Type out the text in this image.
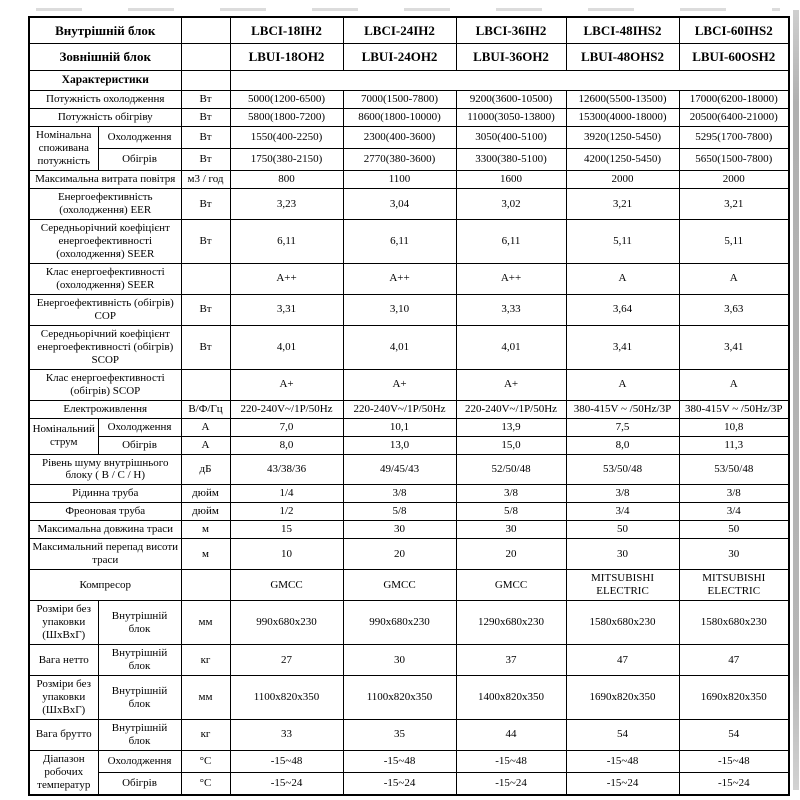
Внутрішній блок			LBCI-18IH2	LBCI-24IH2	LBCI-36IH2	LBCI-48IHS2	LBCI-60IHS2
Зовнішній блок			LBUI-18OH2	LBUI-24OH2	LBUI-36OH2	LBUI-48OHS2	LBUI-60OSH2
Характеристики							
Потужність охолодження		Вт	5000(1200-6500)	7000(1500-7800)	9200(3600-10500)	12600(5500-13500)	17000(6200-18000)
Потужність обігріву		Вт	5800(1800-7200)	8600(1800-10000)	11000(3050-13800)	15300(4000-18000)	20500(6400-21000)
Номінальна споживана потужність	Охолодження	Вт	1550(400-2250)	2300(400-3600)	3050(400-5100)	3920(1250-5450)	5295(1700-7800)
	Обігрів	Вт	1750(380-2150)	2770(380-3600)	3300(380-5100)	4200(1250-5450)	5650(1500-7800)
Максимальна витрата повітря		м3 / год	800	1100	1600	2000	2000
Енергоефективність (охолодження) EER		Вт	3,23	3,04	3,02	3,21	3,21
Середньорічний коефіцієнт енергоефективності (охолодження) SEER		Вт	6,11	6,11	6,11	5,11	5,11
Клас енергоефективності (охолодження) SEER			A++	A++	A++	A	A
Енергоефективність (обігрів) COP		Вт	3,31	3,10	3,33	3,64	3,63
Середньорічний коефіцієнт енергоефективності (обігрів) SCOP		Вт	4,01	4,01	4,01	3,41	3,41
Клас енергоефективності (обігрів) SCOP			A+	A+	A+	A	A
Електроживлення		В/Ф/Гц	220-240V~/1P/50Hz	220-240V~/1P/50Hz	220-240V~/1P/50Hz	380-415V ~ /50Hz/3P	380-415V ~ /50Hz/3P
Номінальний струм	Охолодження	А	7,0	10,1	13,9	7,5	10,8
	Обігрів	А	8,0	13,0	15,0	8,0	11,3
Рівень шуму внутрішнього блоку ( В / С / Н)		дБ	43/38/36	49/45/43	52/50/48	53/50/48	53/50/48
Рідинна труба		дюйм	1/4	3/8	3/8	3/8	3/8
Фреоновая труба		дюйм	1/2	5/8	5/8	3/4	3/4
Максимальна довжина траси		м	15	30	30	50	50
Максимальний перепад висоти траси		м	10	20	20	30	30
Компресор			GMCC	GMCC	GMCC	MITSUBISHI ELECTRIC	MITSUBISHI ELECTRIC
Розміри без упаковки (ШхВхГ)	Внутрішній блок	мм	990x680x230	990x680x230	1290x680x230	1580x680x230	1580x680x230
Вага нетто	Внутрішній блок	кг	27	30	37	47	47
Розміри без упаковки (ШхВхГ)	Внутрішній блок	мм	1100x820x350	1100x820x350	1400x820x350	1690x820x350	1690x820x350
Вага брутто	Внутрішній блок	кг	33	35	44	54	54
Діапазон робочих температур	Охолодження	°C	-15~48	-15~48	-15~48	-15~48	-15~48
	Обігрів	°C	-15~24	-15~24	-15~24	-15~24	-15~24
